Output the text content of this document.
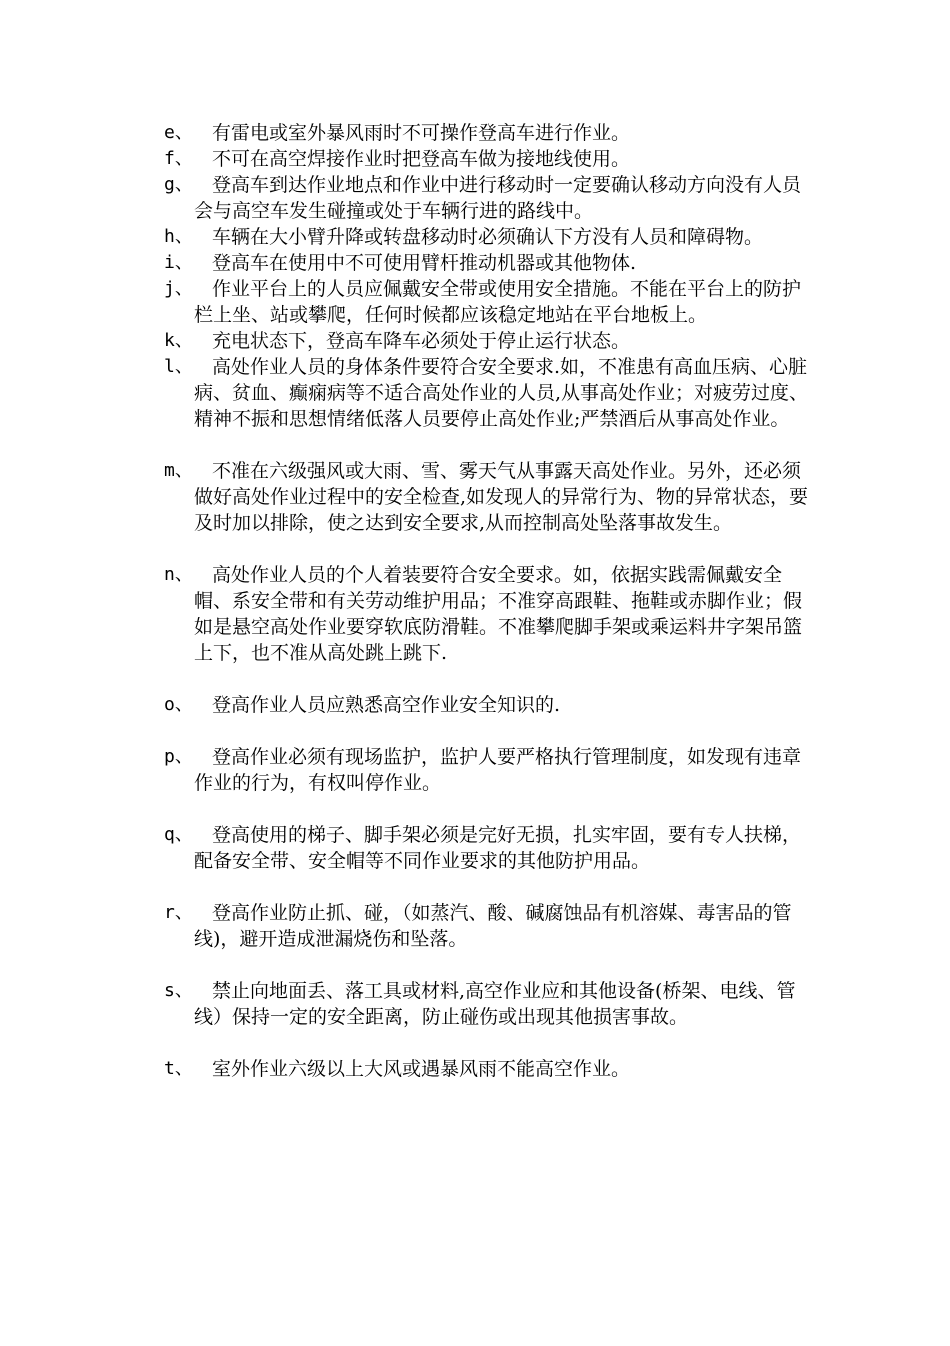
e、	有雷电或室外暴风雨时不可操作登高车进行作业。
f、	不可在高空焊接作业时把登高车做为接地线使用。
g、	登高车到达作业地点和作业中进行移动时一定要确认移动方向没有人员会与高空车发生碰撞或处于车辆行进的路线中。
h、	车辆在大小臂升降或转盘移动时必须确认下方没有人员和障碍物。
i、	登高车在使用中不可使用臂杆推动机器或其他物体.
j、	作业平台上的人员应佩戴安全带或使用安全措施。不能在平台上的防护栏上坐、站或攀爬，任何时候都应该稳定地站在平台地板上。
k、	充电状态下，登高车降车必须处于停止运行状态。
l、	高处作业人员的身体条件要符合安全要求.如，不准患有高血压病、心脏病、贫血、癫痫病等不适合高处作业的人员,从事高处作业；对疲劳过度、精神不振和思想情绪低落人员要停止高处作业;严禁酒后从事高处作业。
m、	不准在六级强风或大雨、雪、雾天气从事露天高处作业。另外，还必须做好高处作业过程中的安全检查,如发现人的异常行为、物的异常状态，要及时加以排除，使之达到安全要求,从而控制高处坠落事故发生。
n、	高处作业人员的个人着装要符合安全要求。如，依据实践需佩戴安全帽、系安全带和有关劳动维护用品；不准穿高跟鞋、拖鞋或赤脚作业；假如是悬空高处作业要穿软底防滑鞋。不准攀爬脚手架或乘运料井字架吊篮上下，也不准从高处跳上跳下.
o、	登高作业人员应熟悉高空作业安全知识的.
p、	登高作业必须有现场监护，监护人要严格执行管理制度，如发现有违章作业的行为，有权叫停作业。
q、	登高使用的梯子、脚手架必须是完好无损，扎实牢固，要有专人扶梯，配备安全带、安全帽等不同作业要求的其他防护用品。
r、	登高作业防止抓、碰，（如蒸汽、酸、碱腐蚀品有机溶媒、毒害品的管线)，避开造成泄漏烧伤和坠落。
s、	禁止向地面丢、落工具或材料,高空作业应和其他设备(桥架、电线、管线）保持一定的安全距离，防止碰伤或出现其他损害事故。
t、	室外作业六级以上大风或遇暴风雨不能高空作业。
